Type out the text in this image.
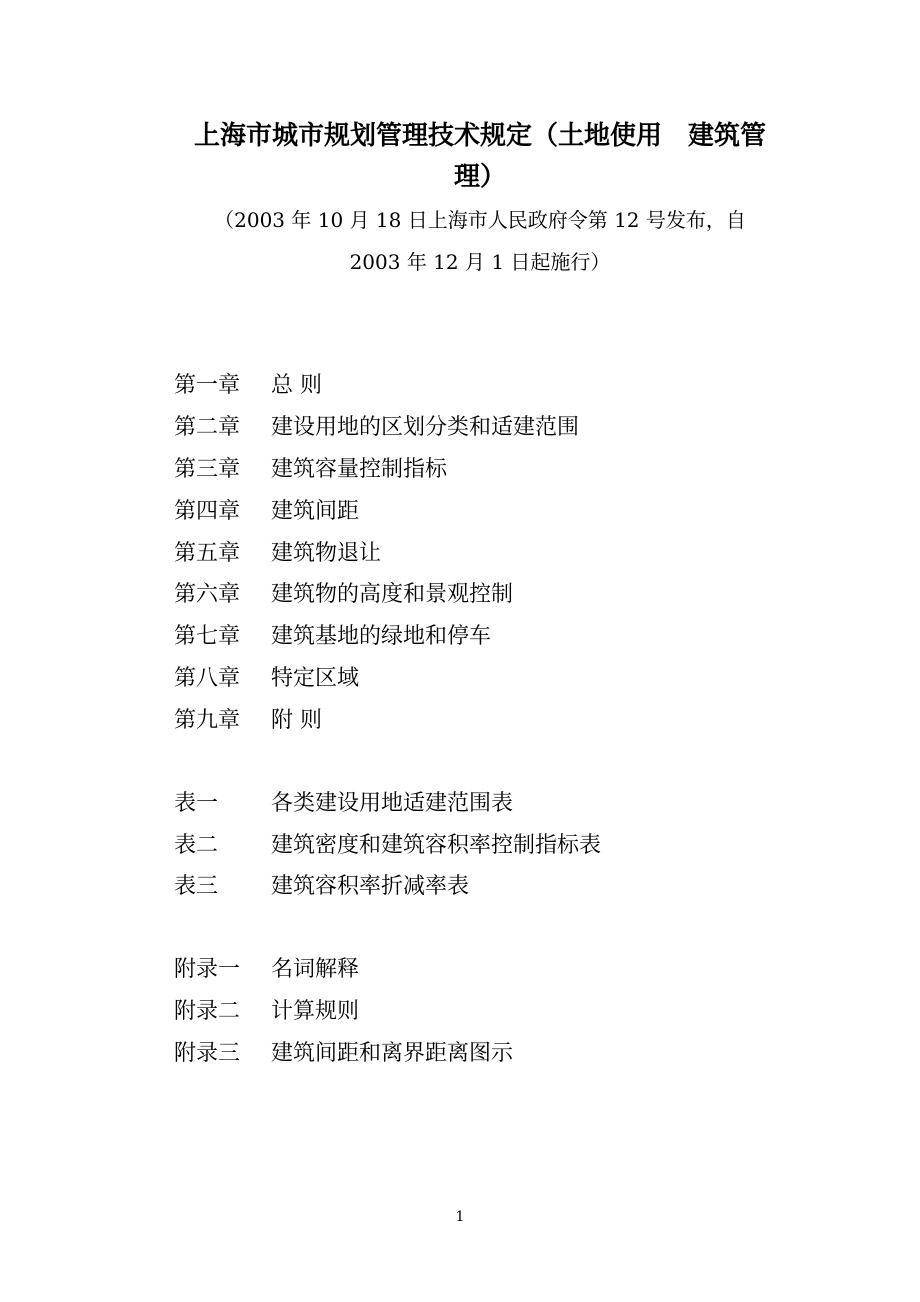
上海市城市规划管理技术规定（土地使用　建筑管
理）

（2003 年 10 月 18 日上海市人民政府令第 12 号发布，自

2003 年 12 月 1 日起施行）

第一章 总 则
第二章 建设用地的区划分类和适建范围
第三章 建筑容量控制指标
第四章 建筑间距
第五章 建筑物退让
第六章 建筑物的高度和景观控制
第七章 建筑基地的绿地和停车
第八章 特定区域
第九章 附 则
表一 各类建设用地适建范围表
表二 建筑密度和建筑容积率控制指标表
表三 建筑容积率折减率表
附录一 名词解释
附录二 计算规则
附录三 建筑间距和离界距离图示
1
